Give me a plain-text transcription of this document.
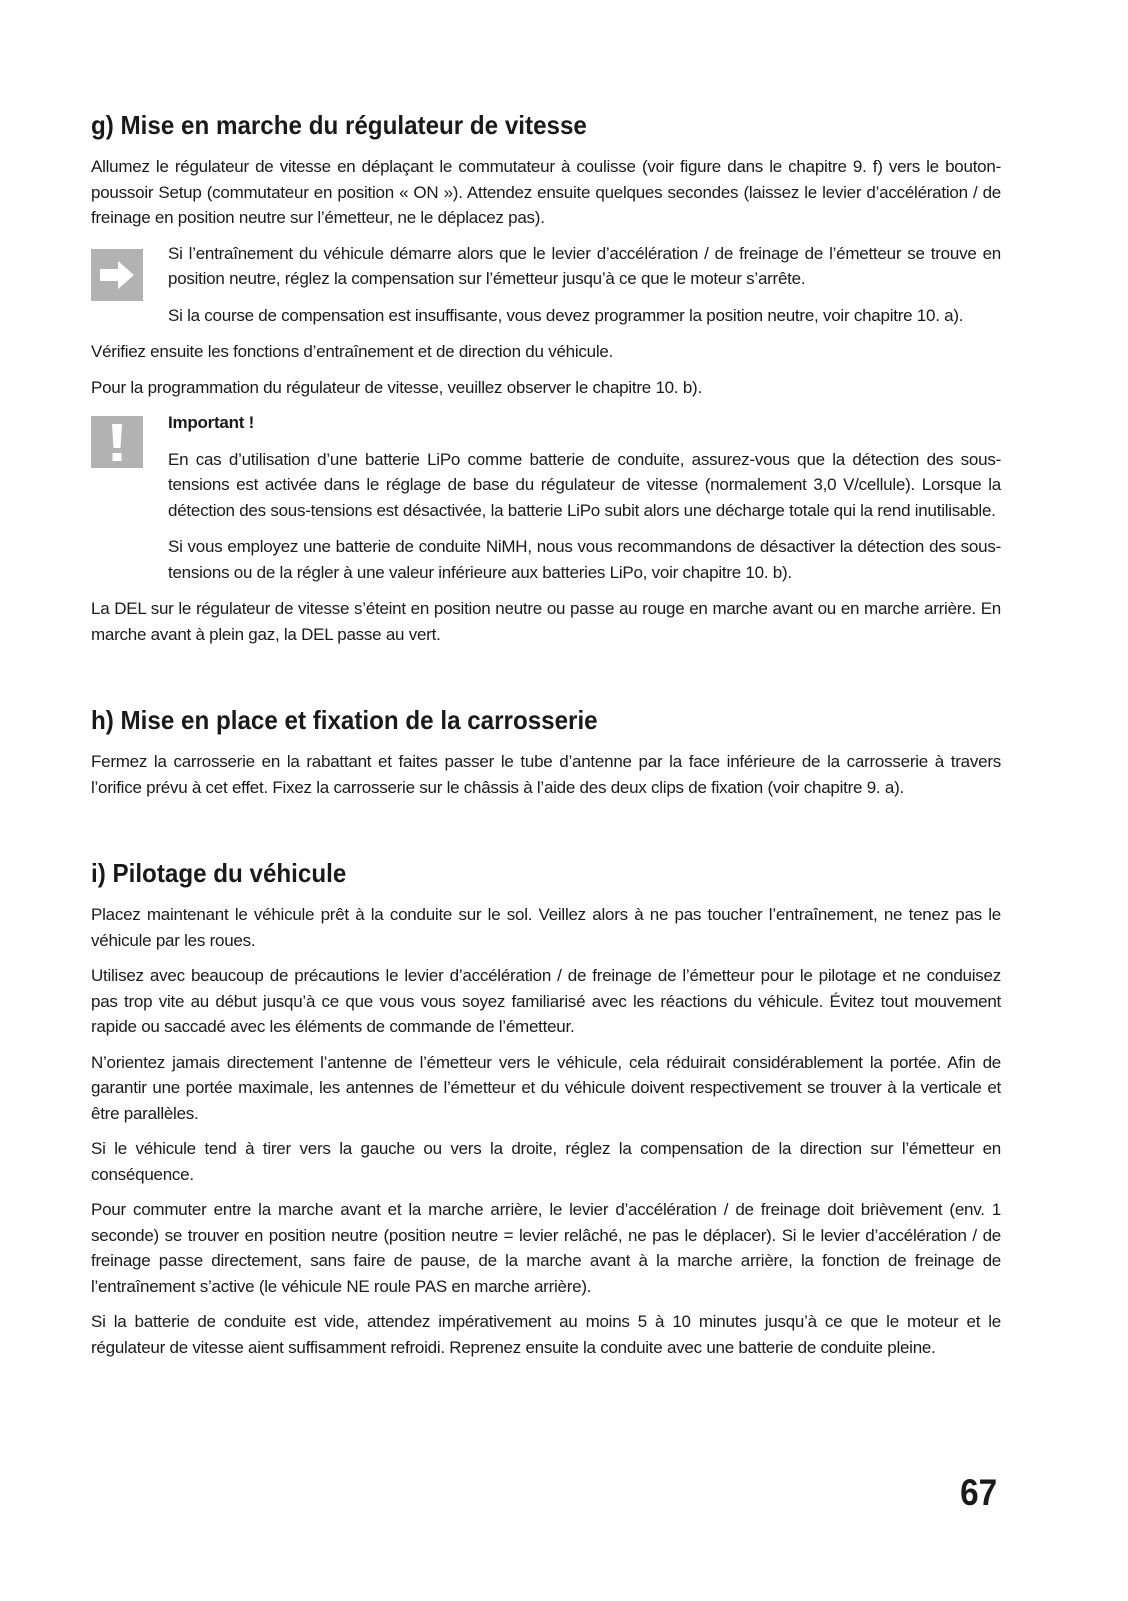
g) Mise en marche du régulateur de vitesse

Allumez le régulateur de vitesse en déplaçant le commutateur à coulisse (voir figure dans le chapitre 9. f) vers le bouton-poussoir Setup (commutateur en position « ON »). Attendez ensuite quelques secondes (laissez le levier d’accélération / de freinage en position neutre sur l’émetteur, ne le déplacez pas).

Si l’entraînement du véhicule démarre alors que le levier d’accélération / de freinage de l’émetteur se trouve en position neutre, réglez la compensation sur l’émetteur jusqu’à ce que le moteur s’arrête.

Si la course de compensation est insuffisante, vous devez programmer la position neutre, voir chapitre 10. a).

Vérifiez ensuite les fonctions d’entraînement et de direction du véhicule.

Pour la programmation du régulateur de vitesse, veuillez observer le chapitre 10. b).

Important !

En cas d’utilisation d’une batterie LiPo comme batterie de conduite, assurez-vous que la détection des sous-tensions est activée dans le réglage de base du régulateur de vitesse (normalement 3,0 V/cellule). Lorsque la détection des sous-tensions est désactivée, la batterie LiPo subit alors une décharge totale qui la rend inutilisable.

Si vous employez une batterie de conduite NiMH, nous vous recommandons de désactiver la détection des sous-tensions ou de la régler à une valeur inférieure aux batteries LiPo, voir chapitre 10. b).

La DEL sur le régulateur de vitesse s’éteint en position neutre ou passe au rouge en marche avant ou en marche arrière. En marche avant à plein gaz, la DEL passe au vert.

h) Mise en place et fixation de la carrosserie

Fermez la carrosserie en la rabattant et faites passer le tube d’antenne par la face inférieure de la carrosserie à travers l’orifice prévu à cet effet. Fixez la carrosserie sur le châssis à l’aide des deux clips de fixation (voir chapitre 9. a).

i) Pilotage du véhicule

Placez maintenant le véhicule prêt à la conduite sur le sol. Veillez alors à ne pas toucher l’entraînement, ne tenez pas le véhicule par les roues.

Utilisez avec beaucoup de précautions le levier d’accélération / de freinage de l’émetteur pour le pilotage et ne conduisez pas trop vite au début jusqu’à ce que vous vous soyez familiarisé avec les réactions du véhicule. Évitez tout mouvement rapide ou saccadé avec les éléments de commande de l’émetteur.

N’orientez jamais directement l’antenne de l’émetteur vers le véhicule, cela réduirait considérablement la portée. Afin de garantir une portée maximale, les antennes de l’émetteur et du véhicule doivent respectivement se trouver à la verticale et être parallèles.

Si le véhicule tend à tirer vers la gauche ou vers la droite, réglez la compensation de la direction sur l’émetteur en conséquence.

Pour commuter entre la marche avant et la marche arrière, le levier d’accélération / de freinage doit brièvement (env. 1 seconde) se trouver en position neutre (position neutre = levier relâché, ne pas le déplacer). Si le levier d’accélération / de freinage passe directement, sans faire de pause, de la marche avant à la marche arrière, la fonction de freinage de l’entraînement s’active (le véhicule NE roule PAS en marche arrière).

Si la batterie de conduite est vide, attendez impérativement au moins 5 à 10 minutes jusqu’à ce que le moteur et le régulateur de vitesse aient suffisamment refroidi. Reprenez ensuite la conduite avec une batterie de conduite pleine.

67
